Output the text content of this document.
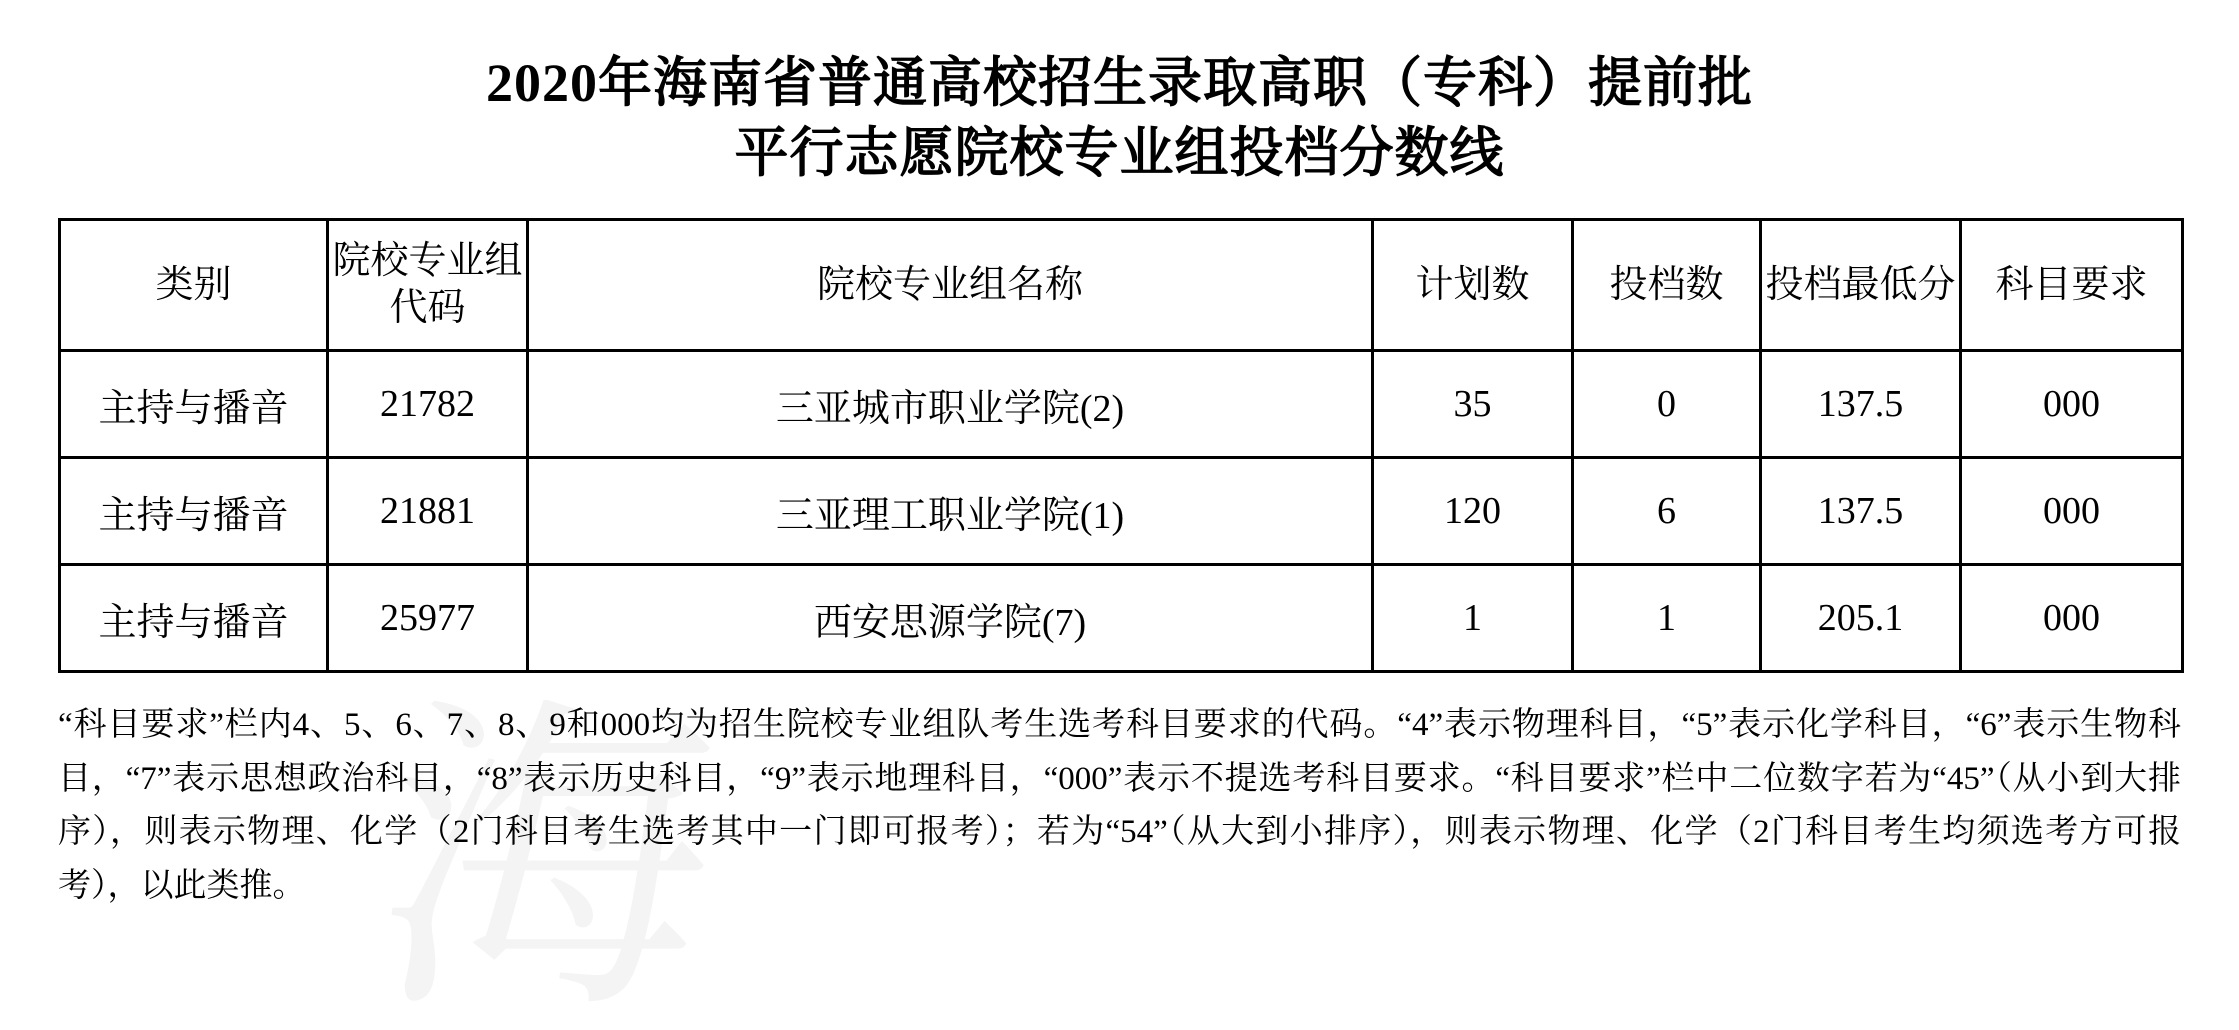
2020年海南省普通高校招生录取高职（专科）提前批
平行志愿院校专业组投档分数线
类别	院校专业组代码	院校专业组名称	计划数	投档数	投档最低分	科目要求
主持与播音	21782	三亚城市职业学院(2)	35	0	137.5	000
主持与播音	21881	三亚理工职业学院(1)	120	6	137.5	000
主持与播音	25977	西安思源学院(7)	1	1	205.1	000
“科目要求”栏内4、5、6、7、8、9和000均为招生院校专业组队考生选考科目要求的代码。“4”表示物理科目，“5”表示化学科目，“6”表示生物科目，“7”表示思想政治科目，“8”表示历史科目，“9”表示地理科目，“000”表示不提选考科目要求。“科目要求”栏中二位数字若为“45”（从小到大排序），则表示物理、化学（2门科目考生选考其中一门即可报考）；若为“54”（从大到小排序），则表示物理、化学（2门科目考生均须选考方可报考），以此类推。
